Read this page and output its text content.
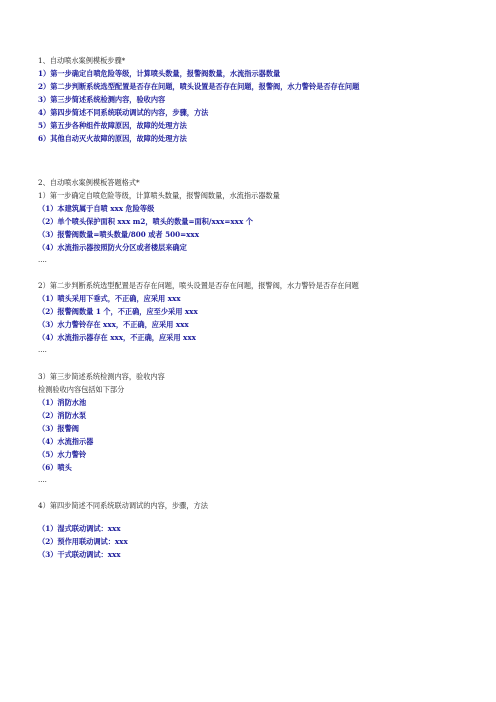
1、自动喷水案例模板步骤*
1）第一步确定自喷危险等级，计算喷头数量，报警阀数量，水流指示器数量
2）第二步判断系统选型配置是否存在问题，喷头设置是否存在问题，报警阀，水力警铃是否存在问题
3）第三步简述系统检测内容，验收内容
4）第四步简述不同系统联动调试的内容，步骤，方法
5）第五步各种组件故障原因，故障的处理方法
6）其他自动灭火故障的原因，故障的处理方法
2、自动喷水案例模板答题格式*
1）第一步确定自喷危险等级，计算喷头数量，报警阀数量，水流指示器数量
（1）本建筑属于自喷 xxx 危险等级
（2）单个喷头保护面积 xxx m2，喷头的数量=面积/xxx=xxx 个
（3）报警阀数量=喷头数量/800 或者 500=xxx
（4）水流指示器按照防火分区或者楼层来确定
....
2）第二步判断系统选型配置是否存在问题，喷头设置是否存在问题，报警阀，水力警铃是否存在问题
（1）喷头采用下垂式，不正确，应采用 xxx
（2）报警阀数量 1 个，不正确，应至少采用 xxx
（3）水力警铃存在 xxx，不正确，应采用 xxx
（4）水流指示器存在 xxx，不正确，应采用 xxx
....
3）第三步简述系统检测内容，验收内容
检测验收内容包括如下部分
（1）消防水池
（2）消防水泵
（3）报警阀
（4）水流指示器
（5）水力警铃
（6）喷头
....
4）第四步简述不同系统联动调试的内容，步骤，方法
（1）湿式联动调试：xxx
（2）预作用联动调试：xxx
（3）干式联动调试：xxx
